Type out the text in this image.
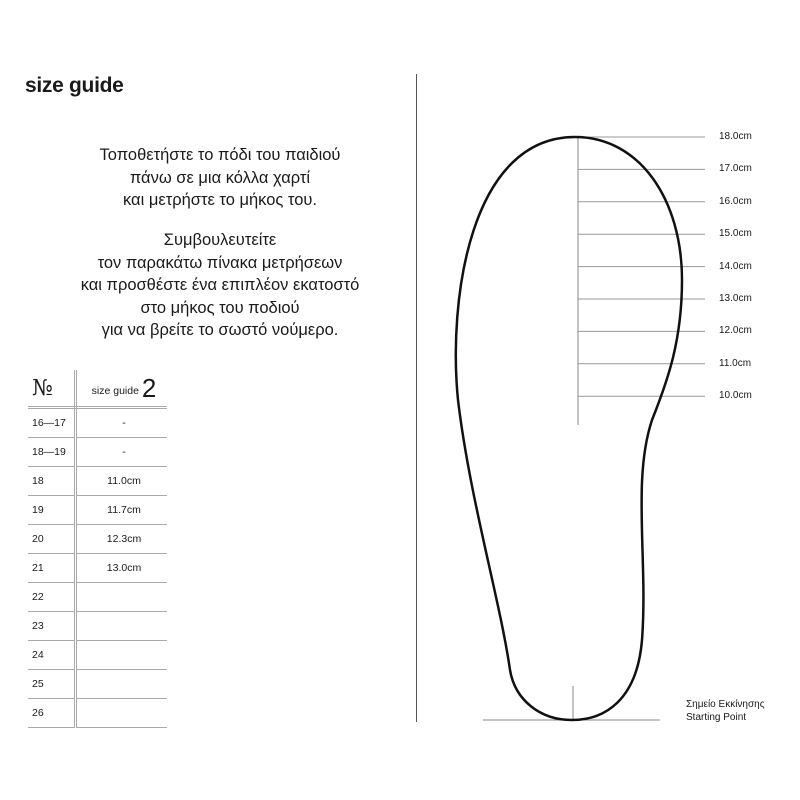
size guide
Τοποθετήστε το πόδι του παιδιού
πάνω σε μια κόλλα χαρτί
και μετρήστε το μήκος του.
Συμβουλευτείτε
τον παρακάτω πίνακα μετρήσεων
και προσθέστε ένα επιπλέον εκατοστό
στο μήκος του ποδιού
για να βρείτε το σωστό νούμερο.
№	size guide 2
16—17	-
18—19	-
18	11.0cm
19	11.7cm
20	12.3cm
21	13.0cm
22	
23	
24	
25	
26	
18.0cm
17.0cm
16.0cm
15.0cm
14.0cm
13.0cm
12.0cm
11.0cm
10.0cm
Σημείο Εκκίνησης
Starting Point
